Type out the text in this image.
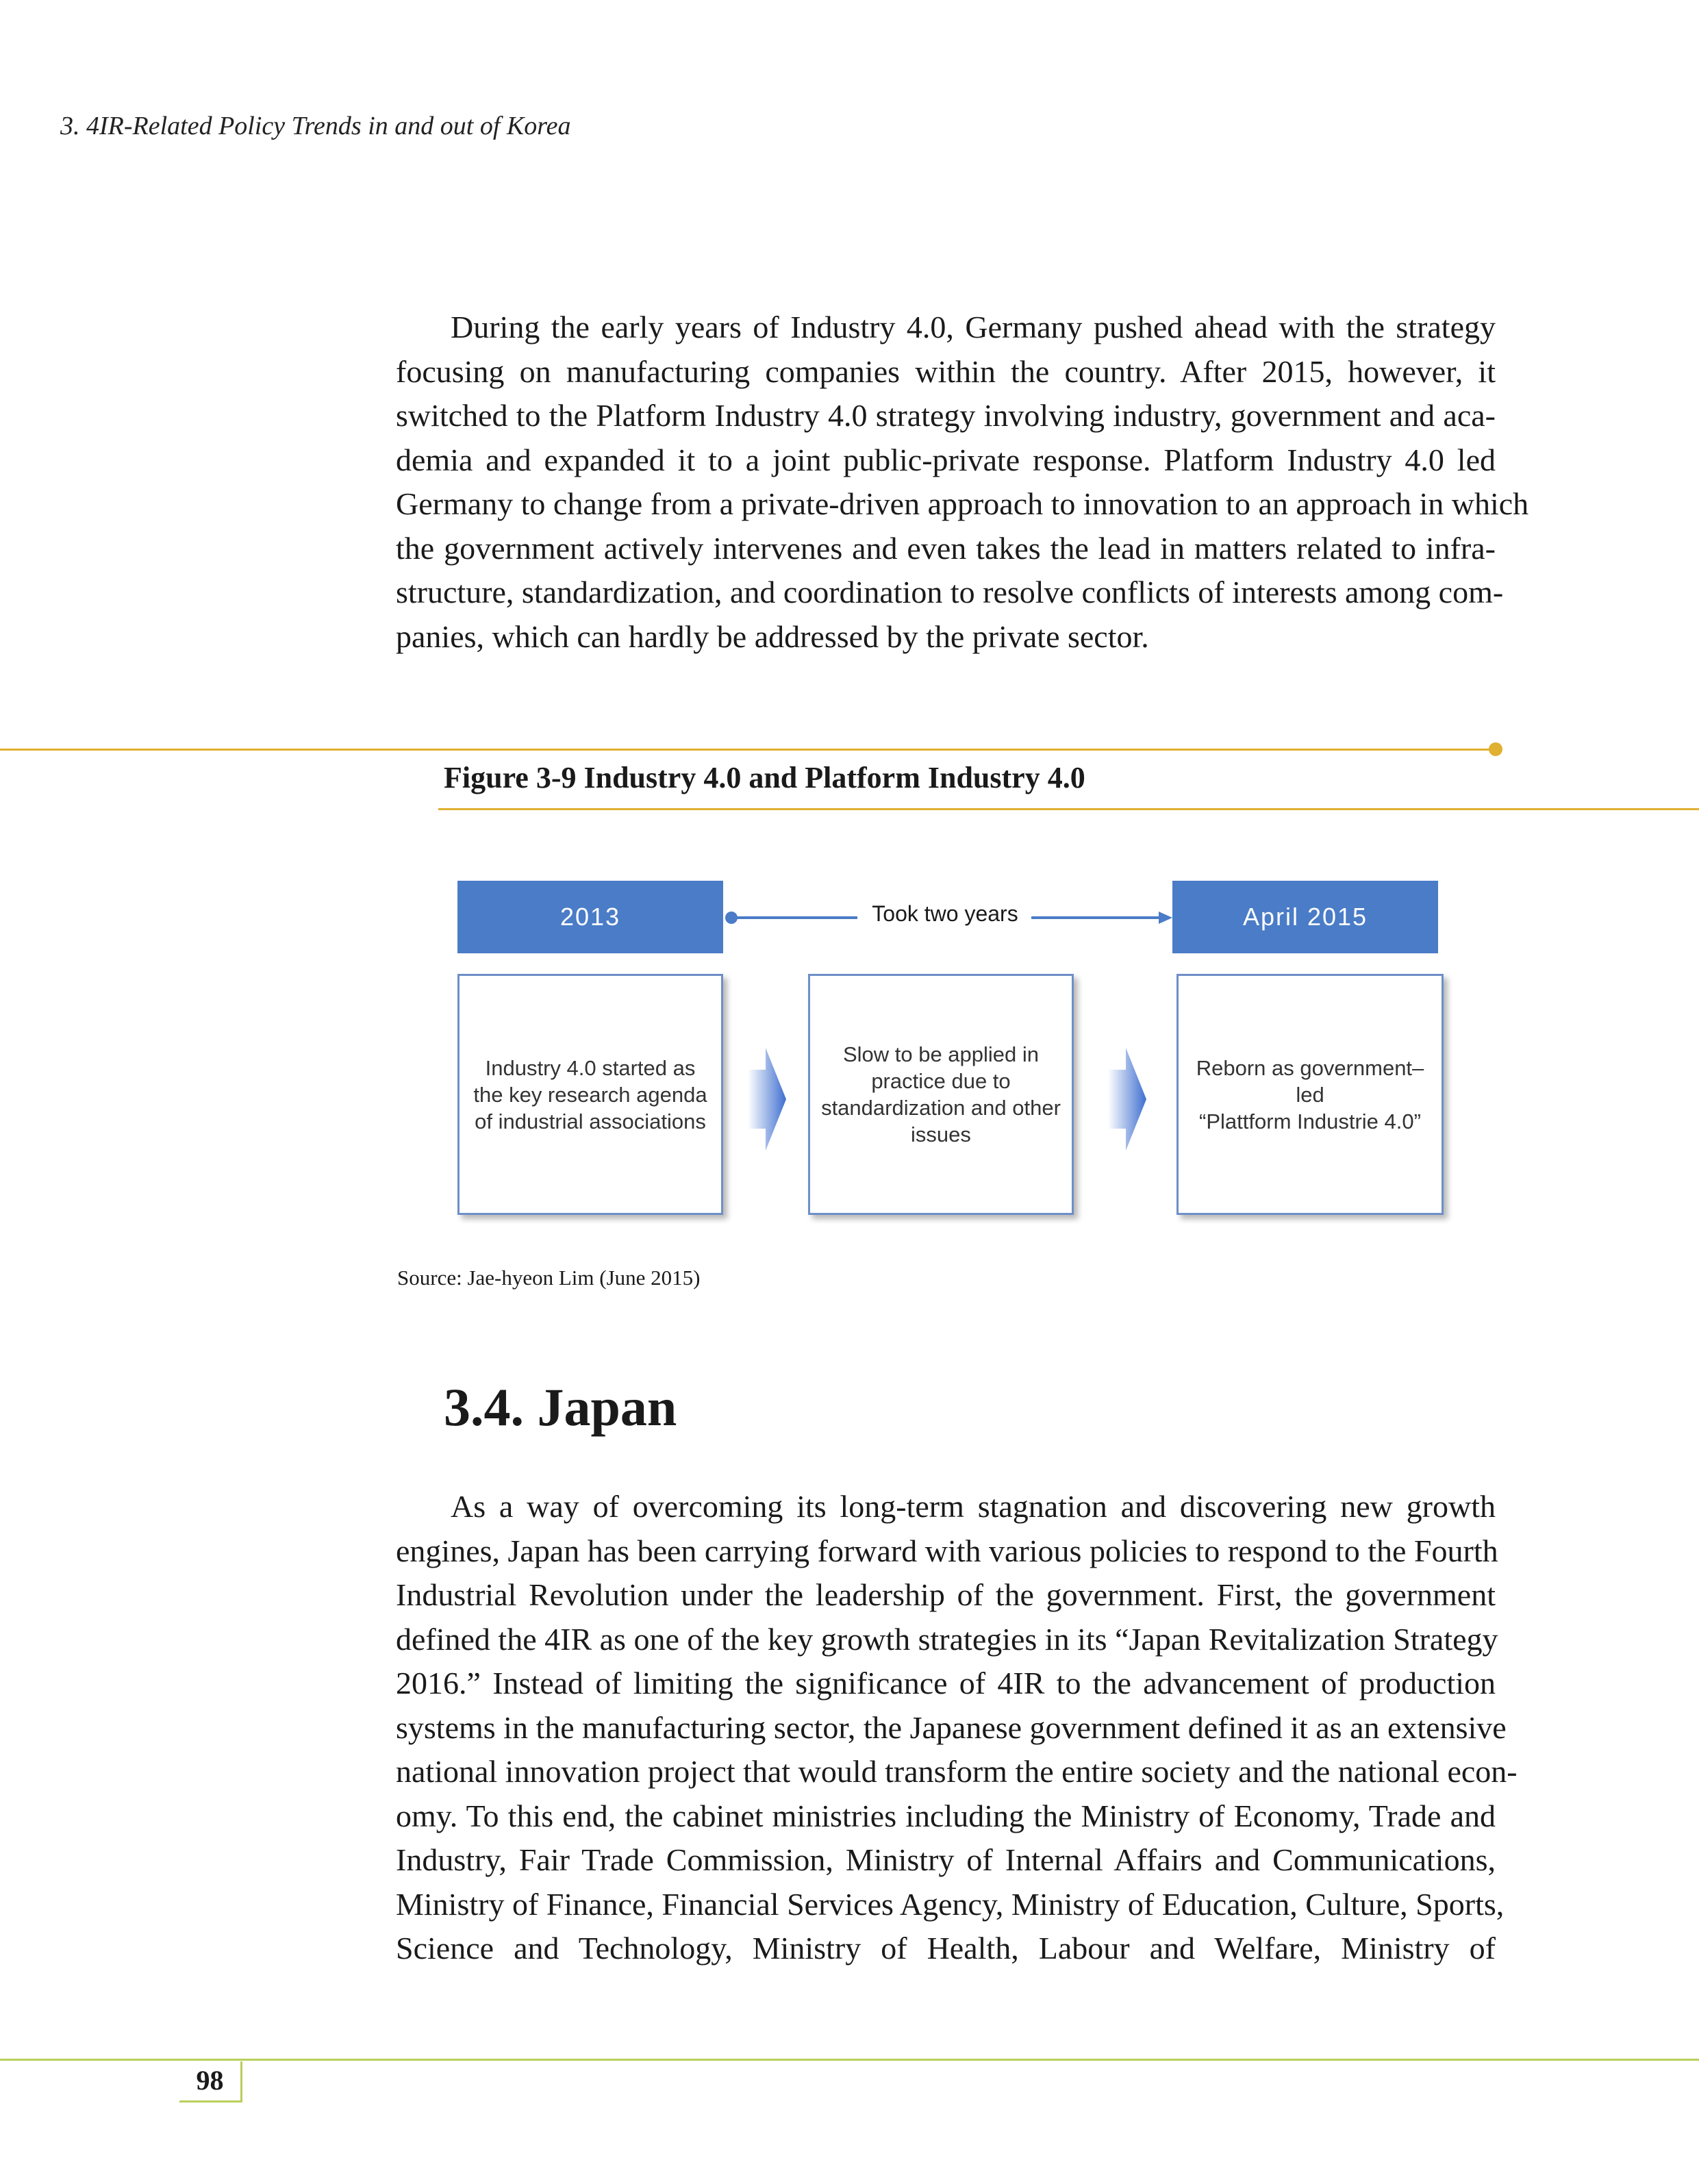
3. 4IR-Related Policy Trends in and out of Korea
During the early years of Industry 4.0, Germany pushed ahead with the strategy
focusing on manufacturing companies within the country. After 2015, however, it
switched to the Platform Industry 4.0 strategy involving industry, government and aca-
demia and expanded it to a joint public-private response. Platform Industry 4.0 led
Germany to change from a private-driven approach to innovation to an approach in which
the government actively intervenes and even takes the lead in matters related to infra-
structure, standardization, and coordination to resolve conflicts of interests among com-
panies, which can hardly be addressed by the private sector.
Figure 3-9 Industry 4.0 and Platform Industry 4.0
2013	April 2015
Took two years
Industry 4.0 started as
the key research agenda
of industrial associations
Slow to be applied in
practice due to
standardization and other
issues
Reborn as government–led
“Plattform Industrie 4.0”
Source: Jae-hyeon Lim (June 2015)
3.4. Japan
As a way of overcoming its long-term stagnation and discovering new growth
engines, Japan has been carrying forward with various policies to respond to the Fourth
Industrial Revolution under the leadership of the government. First, the government
defined the 4IR as one of the key growth strategies in its “Japan Revitalization Strategy
2016.” Instead of limiting the significance of 4IR to the advancement of production
systems in the manufacturing sector, the Japanese government defined it as an extensive
national innovation project that would transform the entire society and the national econ-
omy. To this end, the cabinet ministries including the Ministry of Economy, Trade and
Industry, Fair Trade Commission, Ministry of Internal Affairs and Communications,
Ministry of Finance, Financial Services Agency, Ministry of Education, Culture, Sports,
Science and Technology, Ministry of Health, Labour and Welfare, Ministry of
98
